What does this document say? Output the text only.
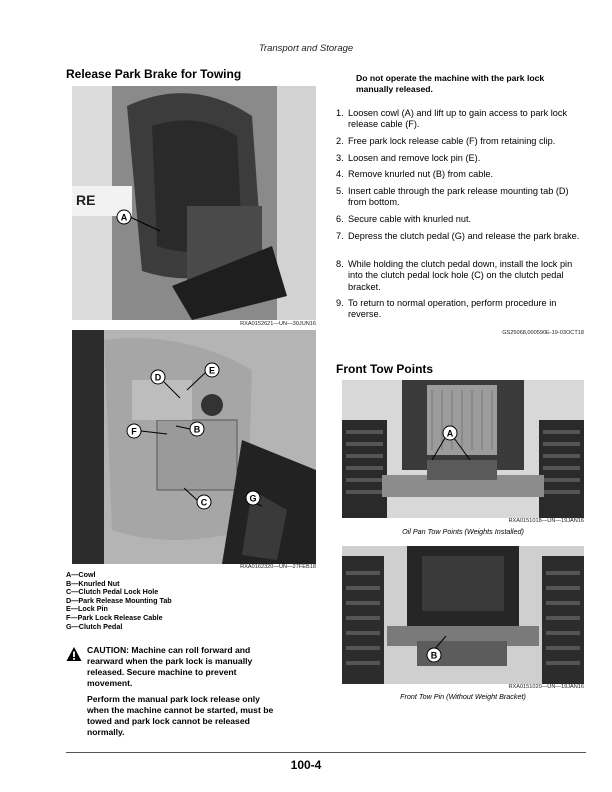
Transport and Storage
Release Park Brake for Towing
RE
A
RXA0152621—UN—30JUN16
D
E
F	B
C	G
RXA0162320—UN—27FEB18
A—Cowl
B—Knurled Nut
C—Clutch Pedal Lock Hole
D—Park Release Mounting Tab
E—Lock Pin
F—Park Lock Release Cable
G—Clutch Pedal
CAUTION: Machine can roll forward and
rearward when the park lock is manually
released. Secure machine to prevent
movement.
Perform the manual park lock release only
when the machine cannot be started, must be
towed and park lock cannot be released
normally.
Do not operate the machine with the park lock
manually released.
1. Loosen cowl (A) and lift up to gain access to park lock release cable (F).
2. Free park lock release cable (F) from retaining clip.
3. Loosen and remove lock pin (E).
4. Remove knurled nut (B) from cable.
5. Insert cable through the park release mounting tab (D) from bottom.
6. Secure cable with knurled nut.
7. Depress the clutch pedal (G) and release the park brake.
8. While holding the clutch pedal down, install the lock pin into the clutch pedal lock hole (C) on the clutch pedal bracket.
9. To return to normal operation, perform procedure in reverse.
GS25068,000590E-19-03OCT18
Front Tow Points
A
RXA0151018—UN—19JAN16
Oil Pan Tow Points (Weights Installed)
B
RXA0151020—UN—19JAN16
Front Tow Pin (Without Weight Bracket)
100-4
